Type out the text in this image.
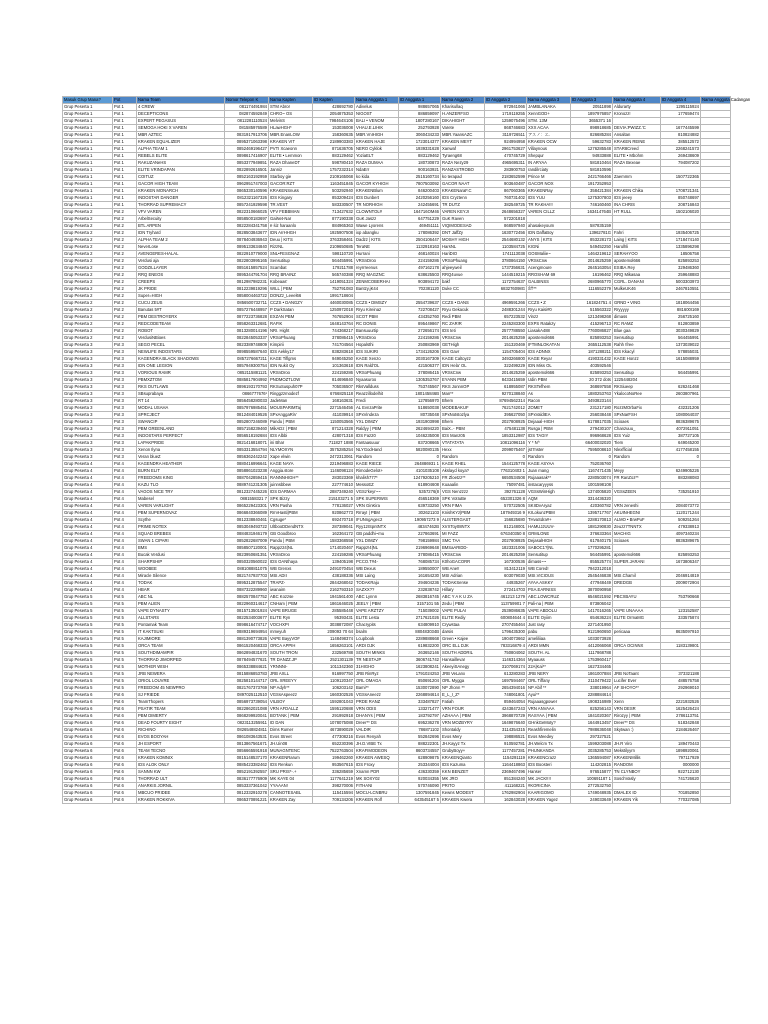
Masuk Grup Mana?	Pot	Nama Team	Nomor Telepon K	Nama Kapten	ID Kapten	Nama Anggota 1	ID Anggota 1	Nama Anggota 2	ID Anggota 2	Nama Anggota 3	ID Anggota 3	Nama Anggota 4	ID Anggota 4	Nama Anggota Cadangan
Grup Peserta 1	Pot 1	4 CREW	081174491984	STM Abror	428692780	Adivelus	988657065	Kharisullaq	972941066	JAMBLANAKA	20511898	Aldurarty	1295115924	
Grup Peserta 1	Pot 1	DECEPTICONS	082874592849	CHRO~ OS	2054875353	NIGOST	886859097	H.ANZERFSO	1719119255	XennGOD+	1897976857	Kronozz!	177659474	
Grup Peserta 1	Pot 1	EXPERT PEGASUS	0812281110524	MelvinS	798464S106	BALI • VENOM	180T280167	DIKAHIGHT	1259075496	STM. 13M	3655371 16			
Grup Peserta 1	Pot 1	SEMOGA HOKI X VAREN	081585976589	HLawHGH*	153036008	VHAU.E.LIHIK	252793928	Varete	868746683	XXX ACAA	898918685	DEVIA:PWIZZ.'C	1677445599	
Grup Peserta 1	Pot 1	MBR AZTEC	0831917913706	MBR.EnanLOW	158360635	MBR.VnIHIGH	3060434233	MBR.YaansAZC	3119726511	アスノ：エ.	826685284	Ansaltan	810824882	
Grup Peserta 1	Pot 1	KRAKEN EQUALIZER	0895371063398	KRAKEN VIT	2189903383	KRAKEN HAJE	1723014377	KRAKEN MEYT	924994958	KRAKEN OCW	59632783	KRAKEN REINE	385512572	
Grup Peserta 1	Pot 1	ALPHA TEAM 1	0852469196427	PVTI Xcaeonn	871636705	NERO Cyklok	1939331628	Xanwaf	2961753627	Villaynous	1276285548	STAR8Creed	2268241573	
Grup Peserta 1	Pot 1	REBELS ELITE	0898617416907	ELITE • Lemmon	883129462	YoziaELT	883129462	Tyraeng68	470745729	Shepqur	94933888	ELITE • Mbohm	269438609	
Grup Peserta 1	Pot 1	RAKUZANeHS	0853377949851	RAZA DhaneDT	598780410	RAZA DUMAA	180730873	RAZA Nezy29	4965695311	IN ARYAA	581810464	RAZA Bexeae	794087202	
Grup Peserta 1	Pot 1	ELITE VRINDAPAN	0822892616501	Janniz	1757232314	NdaErr	900163921	RANZASTROBO	283900753	randilrciaty	581810596			
Grup Peserta 1	Pot 1	COITUZ	0852163192959	Starboy gie	2109165068	ko kida	2515160734	ko terapad	2183652599	Prince M	2421766466	Zaemmm	1507722365	
Grup Peserta 1	Pot 1	GACOR HIGH TEAM	0962951747003	GACOR:RZT	1163451845	GACOR KYHIGH	7807503092	GACOR NAAT	903640487	GACOR NOX	1917252953			
Grup Peserta 1	Pot 1	KRAKEN MONARCH	0865330140596	KRAKENSnuss	503292940	KRAKENBlum	846200403	KRAKENaraF.C	867060365	KRAKENRay	358421384	KRAKEN Chika	1708721341	
Grup Peserta 1	Pot 1	INDOSTAR DANGER	0812321167326	IDS Kingary	853209424	IDS Dunbert	2420256160	IDS Cryztenn	760731402	IDS YUU	1275307803	IDS jeeey	850748697	
Grup Peserta 1	Pot 1	THORRAD SUPREMACY	0857241929598	TR.VEST	583330507	TR NORHIGH	242455691	TR DUTZ	382549725	TR RAKHA!!!	746160460	INA CHRIS	208716843	
Grup Peserta 2	Pot 2	VFV VAREN	0822310666025	VFV FEBBMAN	713427632	CLOWNTOL#	164716OM46	VAREN KEYJI	2648656327	VAREN CILLZ	163414764B	HT RULL	1502106020	
Grup Peserta 2	Pot 2	ArbelSecuity	0858500183697	GaiNet-Nar	877190338	GuK Jaszz	647751229	GuK Raven	572201818					
Grup Peserta 2	Pot 2	BTL ARPEN	0822284341758	ɐ ṡiz haraanlo	884965363	Wawe Lyorens	469451111	VIQIMODESAD	868597940	ahasakeyoum	587835159			
Grup Peserta 2	Pot 2	IDN Tryhard	0828503843677	IDN ArrHHGH	1925907508	ixp abangku	178086392	DNT JaffZy	1630772456	IDN DaffaBoy	13962781G	Fahri	1935406725	
Grup Peserta 2	Pot 2	ALPHA TEAM 2	0878404936943	Deuu | KITS	3763358461	Dadzz | KITS	2504106447	MOSHY HIGH	2544680132	ANYS | KITS	853228173	Laing | KITS	1718474140	
Grup Peserta 2	Pot 2	NeverLose	0895133634840	RizzNL	2109650685	TeraNE	1132918163	HarsNL	1103584725	KIGNi	549452250	Harulhli	1335896298	
Grup Peserta 2	Pot 2	AVENGERES-HALAL	0822910779000	SNL•FESGNAZ	598110720	Hurrani	468140024	HariDIO	1741113038	GOSMaliie~	1464219612	SERAHYOO	18506758	
Grup Peserta 2	Pot 2	Verdusi aja	0822803995165	Sensutitup	564455991	VRSnDroo	224159286	VRSoPhuang	3780864150	VRSsCnw	2014625259	apostemol666	825893253	
Grup Peserta 2	Pot 2	GODZILLAYER	0851615857524	Scambat	179211788	reyrrreenus	497162178	ahjeeyweil	1737356631	Acengmoure	2645163054	ESIBA.Rey	329486360	
Grup Peserta 2	Pot 2	RRQ ENEOS	0895344791704	RRQ BRAINZ	565740388	RRQ MAGZNC	638625503	RRQ4uvue	1444519215	RROSHAM 69	16196462	RRQ Mikasaa	259648883	
Grup Peserta 2	Pot 2	CREEPS	0812987982231	Kobeaas'	1419051324	ZENMCOBERHAI	903894172	bakf	1172754637	GALBINSS	2680965770	CGRL. DANANI	5003303973	
Grup Peserta 2	Pot 2	JK PRIDE	0812239819296	WILL | PBM	752791083	Bantzy.jK44	702381120	Duke CC	683276098G	ŠŤ**	1116552379	MulkeUK46	2467810551	
Grup Peserta 2	Pot 2	Super=HIGH	0858004463722	DONZz_Leeel66	1991718604									
Grup Peserta 2	Pot 2	CUCU ZEUS	0856500732711	CCZS • DANGZY	4460030085	CCZS • DIMSZY	2554739637	CCZS • DANS	4969591266	CCZS • Z	161824751 4	GRND • VING	1818064456	
Grup Peserta 2	Pot 2	Banutas 5#T	0857276448957	P DarkSatan	1250972018	Rryu Kireinaz	722708427	Rryu Gekacuk	2488301244	Rryu Kaisi#0	515563322	Rryyyyy	881600I169	
Grup Peserta 2	Pot 2	PBM DESTROYERX	0877223736828	EXZAN PBM	767652904	SCOT PBM	434352760	Redi PBM	657223532	Vinzz	1213498268	dimass	256725160	
Grup Peserta 2	Pot 2	REDCODETEAM	0858263312681	RAFIK	1648143764	RC DONIS	895449867	RC ZAR!R	2245283300	EXPS Ratakzy	415296713	RC RAMZ	812803859	
Grup Peserta 2	Pot 2	ROBOT	0813280014196	NRI. Hight	744368217	Bansuuurtip	272656174	IDS teti	2577788550	LiasakA488	7760086827	Blue gaa	3030349829	
Grup Peserta 2	Pot 2	VerdusiNBioes	0822845053337	VRSoPhuang	378086415	VRSnDroo	224159286	VRSsCnw	2014625259	apostemol666	825893253	Sensutitup	564455991	
Grup Peserta 3	Pot 3	SEGO PECEL	0823389748809	Kimpirii	741704564	Hopalsthi	250883969	GETHigh	151320469	IFTMNLOKATAN	2655112538	Rahh !free	1373039022	
Grup Peserta 3	Pot 3	NEWLIFE INDOSTARS	0898559587640	IDS Aekky17	838283618	IDS SUKIRI	1734126206	IDS Gavr	1154705404	IDS ADNNX	1871288211	IDS Kkacyl	578855031	
Grup Peserta 3	Pot 3	KAGENDRA BLACK SHADOWS	0857276667211	KAGE Tiflgms	949045250	KAGE Xenzo	2030167309	KAGE Caltoyzz	3493266800	KAGE Reya!	4190331432	KAGE Honzz	1615088959	
Grup Peserta 3	Pot 3	IDN ONE LEGION	0857949300754	IDN Nukit Oy	101363618	IDN Rald'OL	421506377	IDN Hela' OL	322499229	IDN Miss OL	403592546			
Grup Peserta 3	Pot 3	VORIOUS RAMR	0852115881121	VRSnDroo	224159286	VRSoPhuang	378086415	VRSsCnw	2014625259	apostemol666	825893253	Sensutitup	564455991	
Grup Peserta 3	Pot 3	PBMXZTOM	0885817904992	PNDMOZTLOW	814696840	Nyaasuroo	1305353767	EYANN PBM	8433415659	Udin PBM	20 372 dots	1225448204		
Grup Peserta 3	Pot 3	RKS OUTLAWS	0896193170793	RKSuSuspuh07P	705036507	RksVallduss	753745567	RKS JonnnOP	618955087	RKSTefhem	368697558	RKSiueep	626241468	
Grup Peserta 3	Pot 3	SBsuprabaya	0866777676¹	Ringgzzmodezf	6766825118	Reazzillodelhit	180145846B	Man**	9270138840	As	1880253763	YkalocoNoRee	2603807961	
Grup Peserta 3	Pot 3	RT 14	0856458280033	JadeMan	168163631	Fredi	127856970	Bhem	87694562314	Racon	3493823144			
Grup Peserta 3	Pot 3	MODAL USAHA	0857976985451	MOUSPARIMTaj	2271546456	AL EvnzaPrite	518650038	MODEBAKUF	7621742012	ZOMET	231217180	RozzMOrbaFix	432321206	
Grup Peserta 3	Pot 3	SPRCJECT	0812484019526	SPxAnggaRiV	411039914	SPxVindeza	80735048	SPxNotstozlya	395627050	SPxValdIEA	256038448	SPxNarFSH	1080064037	
Grup Peserta 3	Pot 3	SWANCIP	0852807246089	Pandu | PBM	1150053565	YXL DIMZY	1931903998	Bhem	2027808925	Dejaaal-HIGH	6178817035	Scioaes	8836389675	
Grup Peserta 3	Pot 3	PBM GREENLAND	0857158239460	MikADz | PBM	871214328	Raldyy | PBM	2624694220	BaiX..- PBM	475481138	Rusga | PBM	279430107	Chanzuuu_	4072911051	
Grup Peserta 3	Pot 3	INDOSTARS PERFECT	0856518192684	IDS Albbi	428071318	IDS Faz20	1046235008	IDS Manz05	1853312987	IDS TAGIY	996968628	IDS Yuiz	387727105	
Grup Peserta 3	Pot 3	LAPAKPRIDE	0821416818071	ini Bhar	711827 1888	Fantaasuuur	837208665	VTATATATA	10811096116	Y * N^	66400032020	Tiem	649045200	
Grup Peserta 3	Pot 3	Xenon Ilyna	0853313554794	NLYMOXYN	3575285254	NLYGodHand	5820080135	Hexx	2099075467	jst7nster	7595008610	Nlexfficial	4177458155	
Grup Peserta 3	Pot 3	Veran blueZ	0856362442242	Xape elwin	2472313061	Random	0	Random	0	Random	0	Random	0	
Grup Peserta 4	Pot 4	KAGENDRA HEATHER	0880416996641	KAGE NAYA	2219496883	KAGE RIECE	264886931 1	KAGE RHEL	1544125778	KAGE ASYAA	752036760			
Grup Peserta 4	Pot 4	BURN ELIT	0858861023238	Anggia.store	1146098124	RimodeGelot+	4101035108	Akslayd koya?	776310403 1	Juan mang	1167471435	Meyy	6249905226	
Grup Peserta 4	Pot 4	FREEDOMS KING	0887042859415	RANNNHIGH**	283023369	khalish777*	12479205210	FR Zloetzz**	6650534508	Rujaaasak**	2280503074	FR RanZoz**	883288083	
Grup Peserta 4	Pot 4	KAZU TLO	0889741231305	juinnsbbew	227774610	MessoEZ	618904608	Kuaaalin	75097481	instacaryyyss	1001598108			
Grup Peserta 4	Pot 4	VAGOS NICE TRY	0812327445226	IDS DARMAA	2887349240	VGSz'keyr~~	5357276(8	VGS Nenzzzz	392761128	VGSsWinHigh	1374005820	VGSsZEEN	735251910	
Grup Peserta 4	Pot 4	Mabesel	0881558321 7	SPK Bizzy	215103271 5	SPK SUPERWIS	456518369	SPK VotIuBe	652301326 8	AQM	3314436320			
Grup Peserta 4	Pot 4	VAREN VARLIGHT	0865229423301	VRN Pasha	778136027	VRN GinKira	639733250	VRN FIMA	570722505	SKIIDvAryaz	420360782	VRN zeneshi	2084073772	
Grup Peserta 4	Pot 4	PBM SUPERNOVAZ	0866840366089	RrrvHasti|PBM	920862773	RrrayI | PBM	302621103	KnishKYz|PBM	187949316 9	KrLokunzPBM	1395717767	AKUINHEGNI	1120171244	
Grup Peserta 4	Pot 4	Scythe	0812338840461	Cgsuge*	692470718	IFUNngAgec2	190957273 9	ALISTERGAST	156825680	THvaSdra#+	2288170813	ALMO • BrwPuF	509251264	
Grup Peserta 4	Pot 4	PRIME NOTEX	0853049493722	UltbooDDendNTX	287389041	Ryy12ISpntNTX	48347462B	XrrXToy08NTX	812148001	HAMUJJUUV-	1881290830	Zeuzz7TNNTX	479338913	
Grup Peserta 4	Pot 4	SQUAD BREBES	0884831946179	GB Goodbroo	162364172	GB paddhi~mu	227863691	MI FAZZ	676340350 8	GRMLONE	376633364	MACHIG	4097340234	
Grup Peserta 4	Pot 4	SWAN 1 CIPARI	0852822687009	Pandu | PBM	1583368558	YXL DIMZY	798159984	SMC TAA	2027808925	DejasalHIGH	617840175	Scioaes	8836389675	
Grup Peserta 4	Pot 4	BMS	0858507120001	Rappz24|NL	1714020467	Rappz!4|NL	2196969648	BMSaARIDD-	1823321006	SABOC1?|NL	1770295281			
Grup Peserta 4	Pot 4	Bucak Verdusi	0823950681351	VRSnDroo	224159286	VRSoPhuang	378086415	VRSsCnw	2014625259	Sensutitup	564455991	apostemol666	825893253	
Grup Peserta 4	Pot 4	SHARPSHIP	0850320560022	IDS OANthaya	139405198	PCCO.T#4-	768085734	K0hoGACORR	167300536	dimass~~	855525774	SUPER.JARANI	1673806347	
Grup Peserta 4	Pot 4	WOOBEE	0881088811075	WB Grenxs	2491070454	WB Dexus	189550007	WB Ane!!	813412119	WB Cored!	7942312018			
Grup Peserta 4	Pot 4	Miracle Silence	0821747937703	MSI.ADII	438188336	MSI Laing	161654230	MSI Adrian	603079030	MSI.VICIOUS	2545446838	MSI.Chamil	2046914819	
Grup Peserta 4	Pot 4	TODAK	0895312875547	TRAPZ-	2844268042	TODAKRaju	294604236	TODAKSense	44935267	AYAA ASKKY	477948449	DREDGB	2009072904	
Grup Peserta 4	Pot 4	HBAR	0887322289960	iwanaim	2162793310	SAZXX??	232838742	Hillary	272414703	PSA.EARNISS	3870090958			
Grup Peserta 5	Pot 5	ABC NL	0882570847752	ABC Kozzse	1941561400	ABC Lynnn	2683816745	ABC Y A K U ZA	461213 1279	ABC.LOWCRUZ	6546021592	PBCXBAYU	753790668	
Grup Peserta 5	Pot 5	PBM ALIEN	0822960314617	CNHam | PBM	1861646025	JEELY | PBM	3157101 55	Zedu | PBM	113759901 7	Pali-na | PBM	873806042			
Grup Peserta 5	Pot 5	VAPE DYNASTY	0815713501924	VAPE BRUGE	285585448	VAPE ARZTZY	715039002	VAPE PULAI	2539086635	VAPE ABDOLU	1417016265	VAPE UNAAAA	123152587	
Grup Peserta 5	Pot 5	ALLSTARS	0822534003677	ELITE Ryn	95393431	ELITE Lesta	2717621026	ELITE Rediy	600804644 4	ELITE Oyiim	654636224	ELITE OrmaMG	333575874	
Grup Peserta 5	Pot 5	Pontamak Team	0898616474717	VOCHXPI	3038872087	Chacrypits	634809910	Crywstaa	2707455464	Just rasy	2271401950			
Grup Peserta 5	Pot 5	IT KAKTSUKI	0889319694954	mmeyuh	209093 70 64	bsalm	880483034B	darsis	1796435300	pabu	9121960650	pericaaa	8635097910	
Grup Peserta 5	Pot 5	KAJIMIORE	0881390773826	VAPE BayyVOF	1148498374	Lcupbook	2289888668	Green • Kajee	1904073662	ameliliiaa	1033073928			
Grup Peserta 5	Pot 5	ORCA TEAM	0861520468333	ORCA APPIH	1656263101	ARDI DJK	619832200	ORC ELL DJK	783316879 4	ARDI MMN	4412066068	ORCA OCINNX	1183139801	
Grup Peserta 5	Pot 5	SOUTHDIMAMPIR	0862894831670	SOUTH TRON	232569788	SOUTH MINKS	263652146	SOUTH ADDRIL	750804062	SOUTH. AL	1117868788			
Grup Peserta 5	Pot 5	THORRAD JIMORPED	0878494577621	TR DANZZ.JP	2521301139	TR NESTAJP	3606741742	Hansaillevar	1146314364	Myaauss	1753960417			
Grup Peserta 5	Pot 5	MOTHER WISH	0865338884621	YRNNNI-	1011342360	31HIGHO	1623808241	AkeeyiSAnegy	3107069174	22A|Kai**	1627334465			
Grup Peserta 5	Pot 5	JRB NEWERA	0815886853783	JRB AXLL	916997750	JRB RinRyz	1791024253	JRB VeLanx	613280283	JRB NERY	1861007884	JRB NoTaant	373321188	
Grup Peserta 5	Pot 5	ORIOL LOUVRE	0825810144717	ORL XREEYY	1109120347	ORL OMAGA	850691204	ORL Mygga	1697594467	ORL Tiffany	2110479422	Lucifer Ever	488576758	
Grup Peserta 5	Pot 5	FREEDOM 45 NEWPRO	0821767373769	NP Adyh**	106203142	Bami**	1530072890	NP Jhonn **	2654394016	NP Abif **	338019964	AF SHOYO**	292969010	
Grup Peserta 6	Pot 6	SJ FRIEDE	0897025112510	VGSsAspeezz	1660302526	VGSsAneezz	2268894614	E_L_I_Z*	748061801	Ayui**	2288884614			
Grup Peserta 6	Pot 6	TeamThopers	0856973739054	VILBOY	1592801043	PRDE RANZ	333487827	Fatiah	859464054	Rujaaasgpower	1908316989	Xenn	2221932526	
Grup Peserta 6	Pot 6	PSATIR TEAM	0822862021088	VRN AFDALLZ	1595120688	VRN ODIS	133271477	VRN FOUR	4243847243	VRN ANVAAA	825256143	VRN DESR	1625426424	
Grup Peserta 6	Pot 6	PBM DIMERTY	0868299920041	BOTANK | PBM	291992918	DHANYs | PBM	183792797	AZHAAA | PBM	3968870729	RASYAA | PBM	1841020367	Rirozyy | PBM	2786113751	
Grup Peserta 6	Pot 6	DEAD FOURTY EIGHT	0823113255911	ID DAN	1078075088	Dreer** DS	695236278	VRN MOZBYRY	1649876640	GHnkGeMoty?	1644913457	Dreer** DS	518342848	
Grup Peserta 6	Pot 6	RICHINO	0826548824811	Dims Rumer	4673890029	VALDIR	786871102	Shontaldy	3114354315	Reashfiremelin	7988636048	Skytwan :)	2184626467	
Grup Peserta 6	Pot 6	EVOS BOOYAH	0861083643531	Evos Street	477308216	Evos Renyah	552842696	Evos Mery	198886521	Evos Meedey	297327521			
Grup Peserta 6	Pot 6	JH ESPORT	0813867561671	JH.Uin08	652230396	JH.D.VIBE Tx	888222301	JH.Kayyz Tx	910592781	JH.Welcm Tx	1599203088	JH.R Viro	189470443	
Grup Peserta 6	Pot 6	TEAM TECNO	0856665591918	MUNAGNTENC	7522763504	KRAFIMODEON	8603734557	GrubyBoyy+	1177457281	PHUNKANDA	2035285753	Mekstilyyrn	1898920061	
Grup Peserta 6	Pot 6	KRAKEN KOMNIX	0815148537170	KRAKENRarum	199462260	KRAKEN AWESQ	628909875	KRAKENQianto	1154291119	KRAKENCrazz	1365594087	KRAKENMillis	797117929	
Grup Peserta 6	Pot 6	IDS ALOK ONLY	0885423382462	IDS Renkun	953567615	IDS Froxy	253344004	IDS Kazuma	1164418863	IDS Boosteri	114202815	RANDOM	0000000	
Grup Peserta 6	Pot 6	SANNN KW	0852191392557	SRU PRIS*-.+	336285659	Xnamn PDR	436330359	KKN BENZET	2369467496	Hanser	976515877	TN CLYNBOY	922712130	
Grup Peserta 6	Pot 6	THORRAD ULT	0836177776909	MK KAYE 04	1177641219	MK SOXY02	920034355	MK JRO	851384240	MK JACK!!!!	100691187 1	SoschVasly	741726620	
Grup Peserta 6	Pot 6	ANARKIS JORNIL	0853337361042	YYAAAN!	398270006	FITHANI	570746090	PRITO	411168221	#KORICINA	2772532750			
Grup Peserta 6	Pot 6	MBCUO PRIDEE	0812332910278	CANNOTESABL	115415594	MOCU-LCNBRU	1307591845	Kewns MODEST	1762982904	KAARIGOMO	1749048935	DMALEX ID	701852850	
Grup Peserta 6	Pot 6	KRAKEN ROKKIVA	0865370891221	KRAKEN Zay	709134206	KRAKEN Rolf	643545167 5	KRAKEN Kwera	162843028	KRAKEN Yagez	249033649	KRAKEN Yik	770327085	
